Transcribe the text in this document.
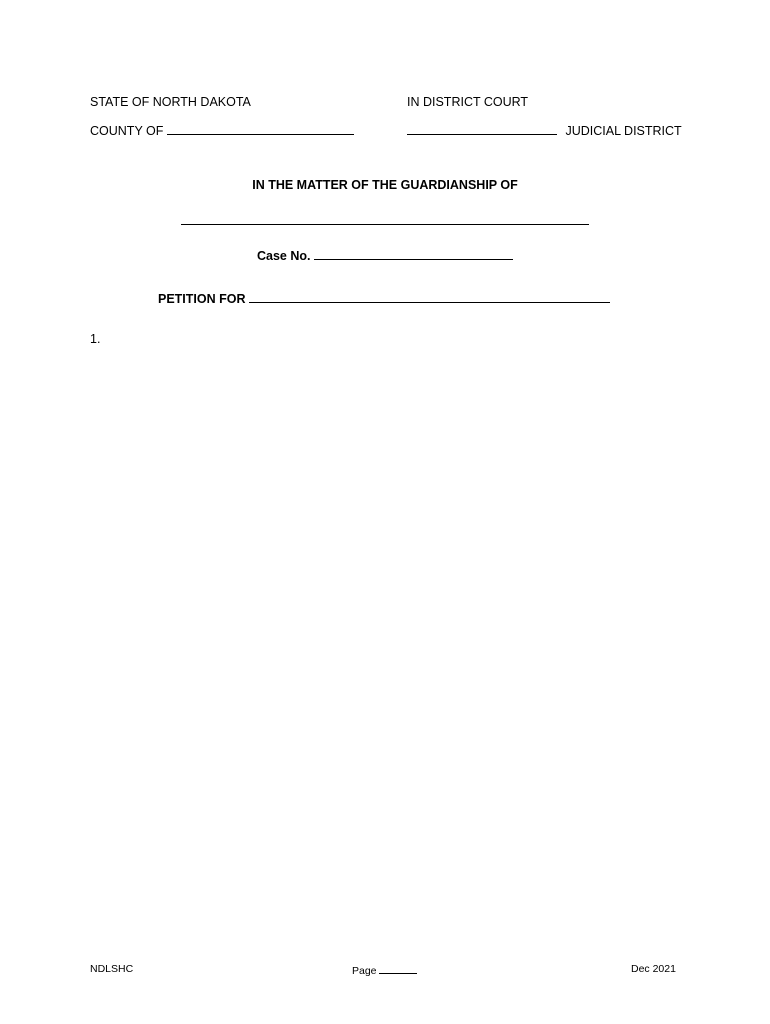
STATE OF NORTH DAKOTA	IN DISTRICT COURT
COUNTY OF	JUDICIAL DISTRICT
IN THE MATTER OF THE GUARDIANSHIP OF
Case No.
PETITION FOR
1.
NDLSHC	Page	Dec 2021
